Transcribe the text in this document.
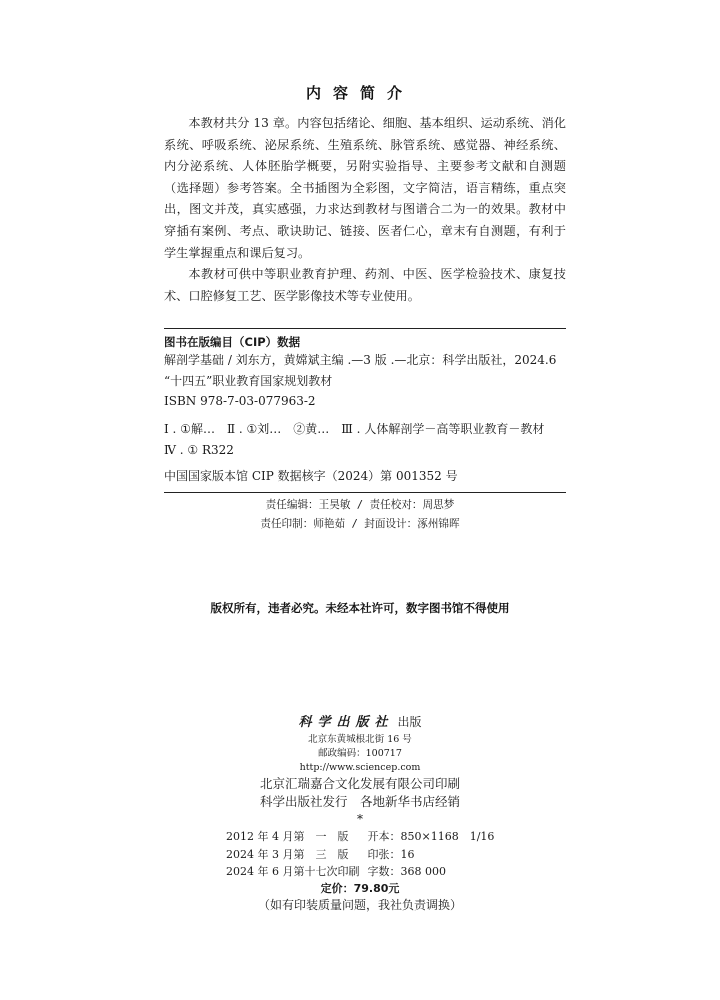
内容简介

本教材共分 13 章。内容包括绪论、细胞、基本组织、运动系统、消化系统、呼吸系统、泌尿系统、生殖系统、脉管系统、感觉器、神经系统、内分泌系统、人体胚胎学概要，另附实验指导、主要参考文献和自测题（选择题）参考答案。全书插图为全彩图，文字简洁，语言精练，重点突出，图文并茂，真实感强，力求达到教材与图谱合二为一的效果。教材中穿插有案例、考点、歌诀助记、链接、医者仁心，章末有自测题，有利于学生掌握重点和课后复习。

本教材可供中等职业教育护理、药剂、中医、医学检验技术、康复技术、口腔修复工艺、医学影像技术等专业使用。

图书在版编目（CIP）数据
解剖学基础 / 刘东方，黄嫦斌主编 .—3 版 .—北京：科学出版社，2024.6
“十四五”职业教育国家规划教材
ISBN 978-7-03-077963-2
Ⅰ . ①解…　Ⅱ . ①刘…　②黄…　Ⅲ . 人体解剖学－高等职业教育－教材　Ⅳ . ① R322
中国国家版本馆 CIP 数据核字（2024）第 001352 号
责任编辑：王昊敏 / 责任校对：周思梦
责任印制：师艳茹 / 封面设计：涿州锦晖
版权所有，违者必究。未经本社许可，数字图书馆不得使用
科学出版社 出版
北京东黄城根北街 16 号
邮政编码：100717
http://www.sciencep.com
北京汇瑞嘉合文化发展有限公司印刷
科学出版社发行　各地新华书店经销
*
2012 年 4 月第　一　版	开本：850×1168　1/16
2024 年 3 月第　三　版	印张：16
2024 年 6 月第十七次印刷	字数：368 000
定价：79.80元
（如有印装质量问题，我社负责调换）
